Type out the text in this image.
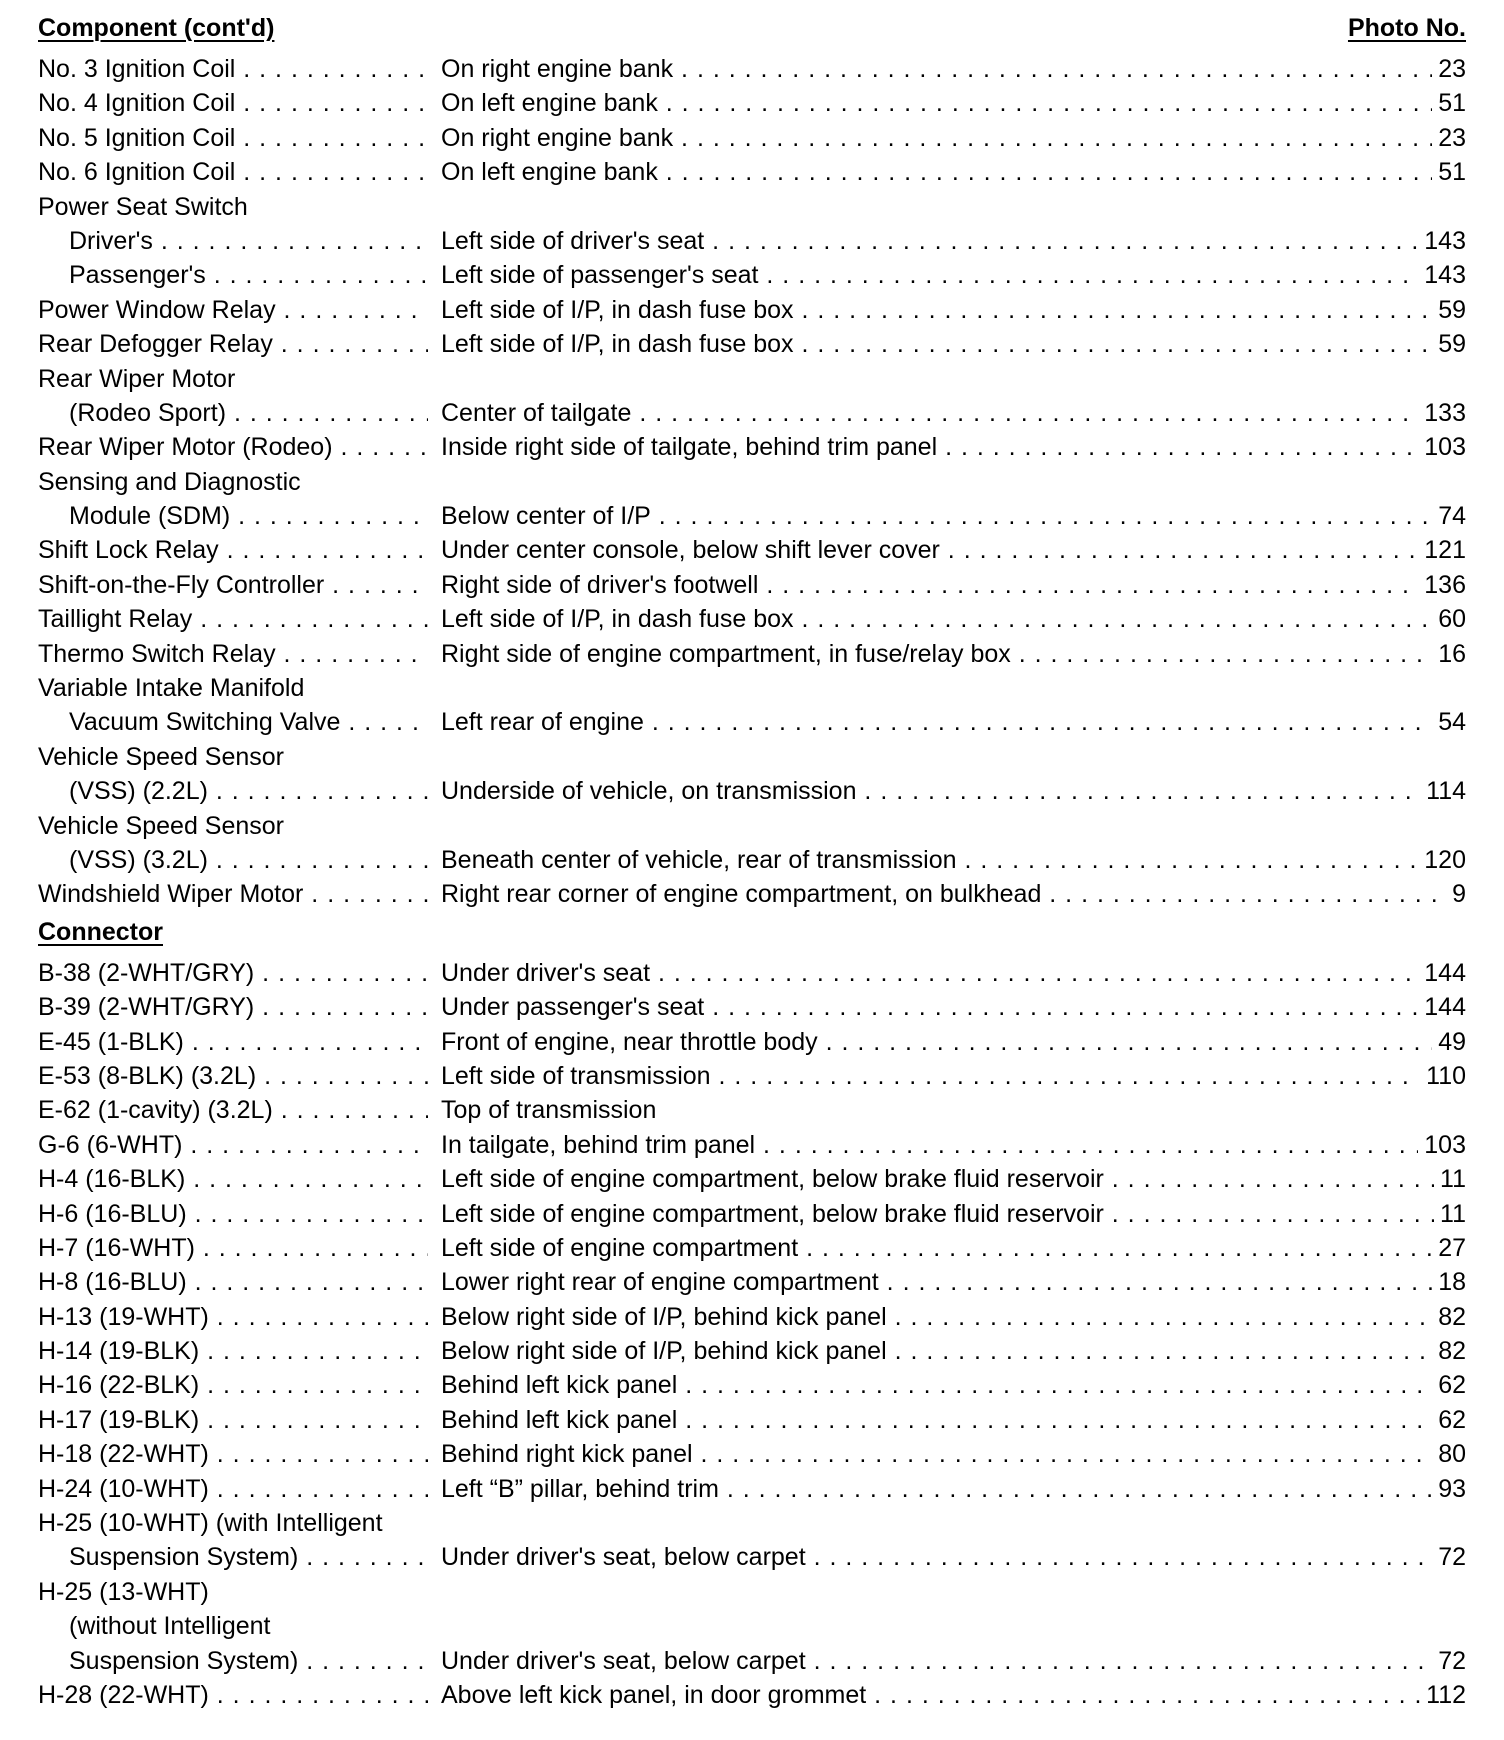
Component (cont'd)	Photo No.
No. 3 Ignition Coil . . .	On right engine bank . . .	23
No. 4 Ignition Coil . . .	On left engine bank . . .	51
No. 5 Ignition Coil . . .	On right engine bank . . .	23
No. 6 Ignition Coil . . .	On left engine bank . . .	51
Power Seat Switch
Driver's . . .	Left side of driver's seat . . .	143
Passenger's . . .	Left side of passenger's seat . . .	143
Power Window Relay . . .	Left side of I/P, in dash fuse box . . .	59
Rear Defogger Relay . . .	Left side of I/P, in dash fuse box . . .	59
Rear Wiper Motor
(Rodeo Sport) . . .	Center of tailgate . . .	133
Rear Wiper Motor (Rodeo) . . .	Inside right side of tailgate, behind trim panel . . .	103
Sensing and Diagnostic
Module (SDM) . . .	Below center of I/P . . .	74
Shift Lock Relay . . .	Under center console, below shift lever cover . . .	121
Shift-on-the-Fly Controller . . .	Right side of driver's footwell . . .	136
Taillight Relay . . .	Left side of I/P, in dash fuse box . . .	60
Thermo Switch Relay . . .	Right side of engine compartment, in fuse/relay box . . .	16
Variable Intake Manifold
Vacuum Switching Valve . . .	Left rear of engine . . .	54
Vehicle Speed Sensor
(VSS) (2.2L) . . .	Underside of vehicle, on transmission . . .	114
Vehicle Speed Sensor
(VSS) (3.2L) . . .	Beneath center of vehicle, rear of transmission . . .	120
Windshield Wiper Motor . . .	Right rear corner of engine compartment, on bulkhead . . .	9
Connector
B-38 (2-WHT/GRY) . . .	Under driver's seat . . .	144
B-39 (2-WHT/GRY) . . .	Under passenger's seat . . .	144
E-45 (1-BLK) . . .	Front of engine, near throttle body . . .	49
E-53 (8-BLK) (3.2L) . . .	Left side of transmission . . .	110
E-62 (1-cavity) (3.2L) . . .	Top of transmission
G-6 (6-WHT) . . .	In tailgate, behind trim panel . . .	103
H-4 (16-BLK) . . .	Left side of engine compartment, below brake fluid reservoir . . .	11
H-6 (16-BLU) . . .	Left side of engine compartment, below brake fluid reservoir . . .	11
H-7 (16-WHT) . . .	Left side of engine compartment . . .	27
H-8 (16-BLU) . . .	Lower right rear of engine compartment . . .	18
H-13 (19-WHT) . . .	Below right side of I/P, behind kick panel . . .	82
H-14 (19-BLK) . . .	Below right side of I/P, behind kick panel . . .	82
H-16 (22-BLK) . . .	Behind left kick panel . . .	62
H-17 (19-BLK) . . .	Behind left kick panel . . .	62
H-18 (22-WHT) . . .	Behind right kick panel . . .	80
H-24 (10-WHT) . . .	Left “B” pillar, behind trim . . .	93
H-25 (10-WHT) (with Intelligent
Suspension System) . . .	Under driver's seat, below carpet . . .	72
H-25 (13-WHT)
(without Intelligent
Suspension System) . . .	Under driver's seat, below carpet . . .	72
H-28 (22-WHT) . . .	Above left kick panel, in door grommet . . .	112
